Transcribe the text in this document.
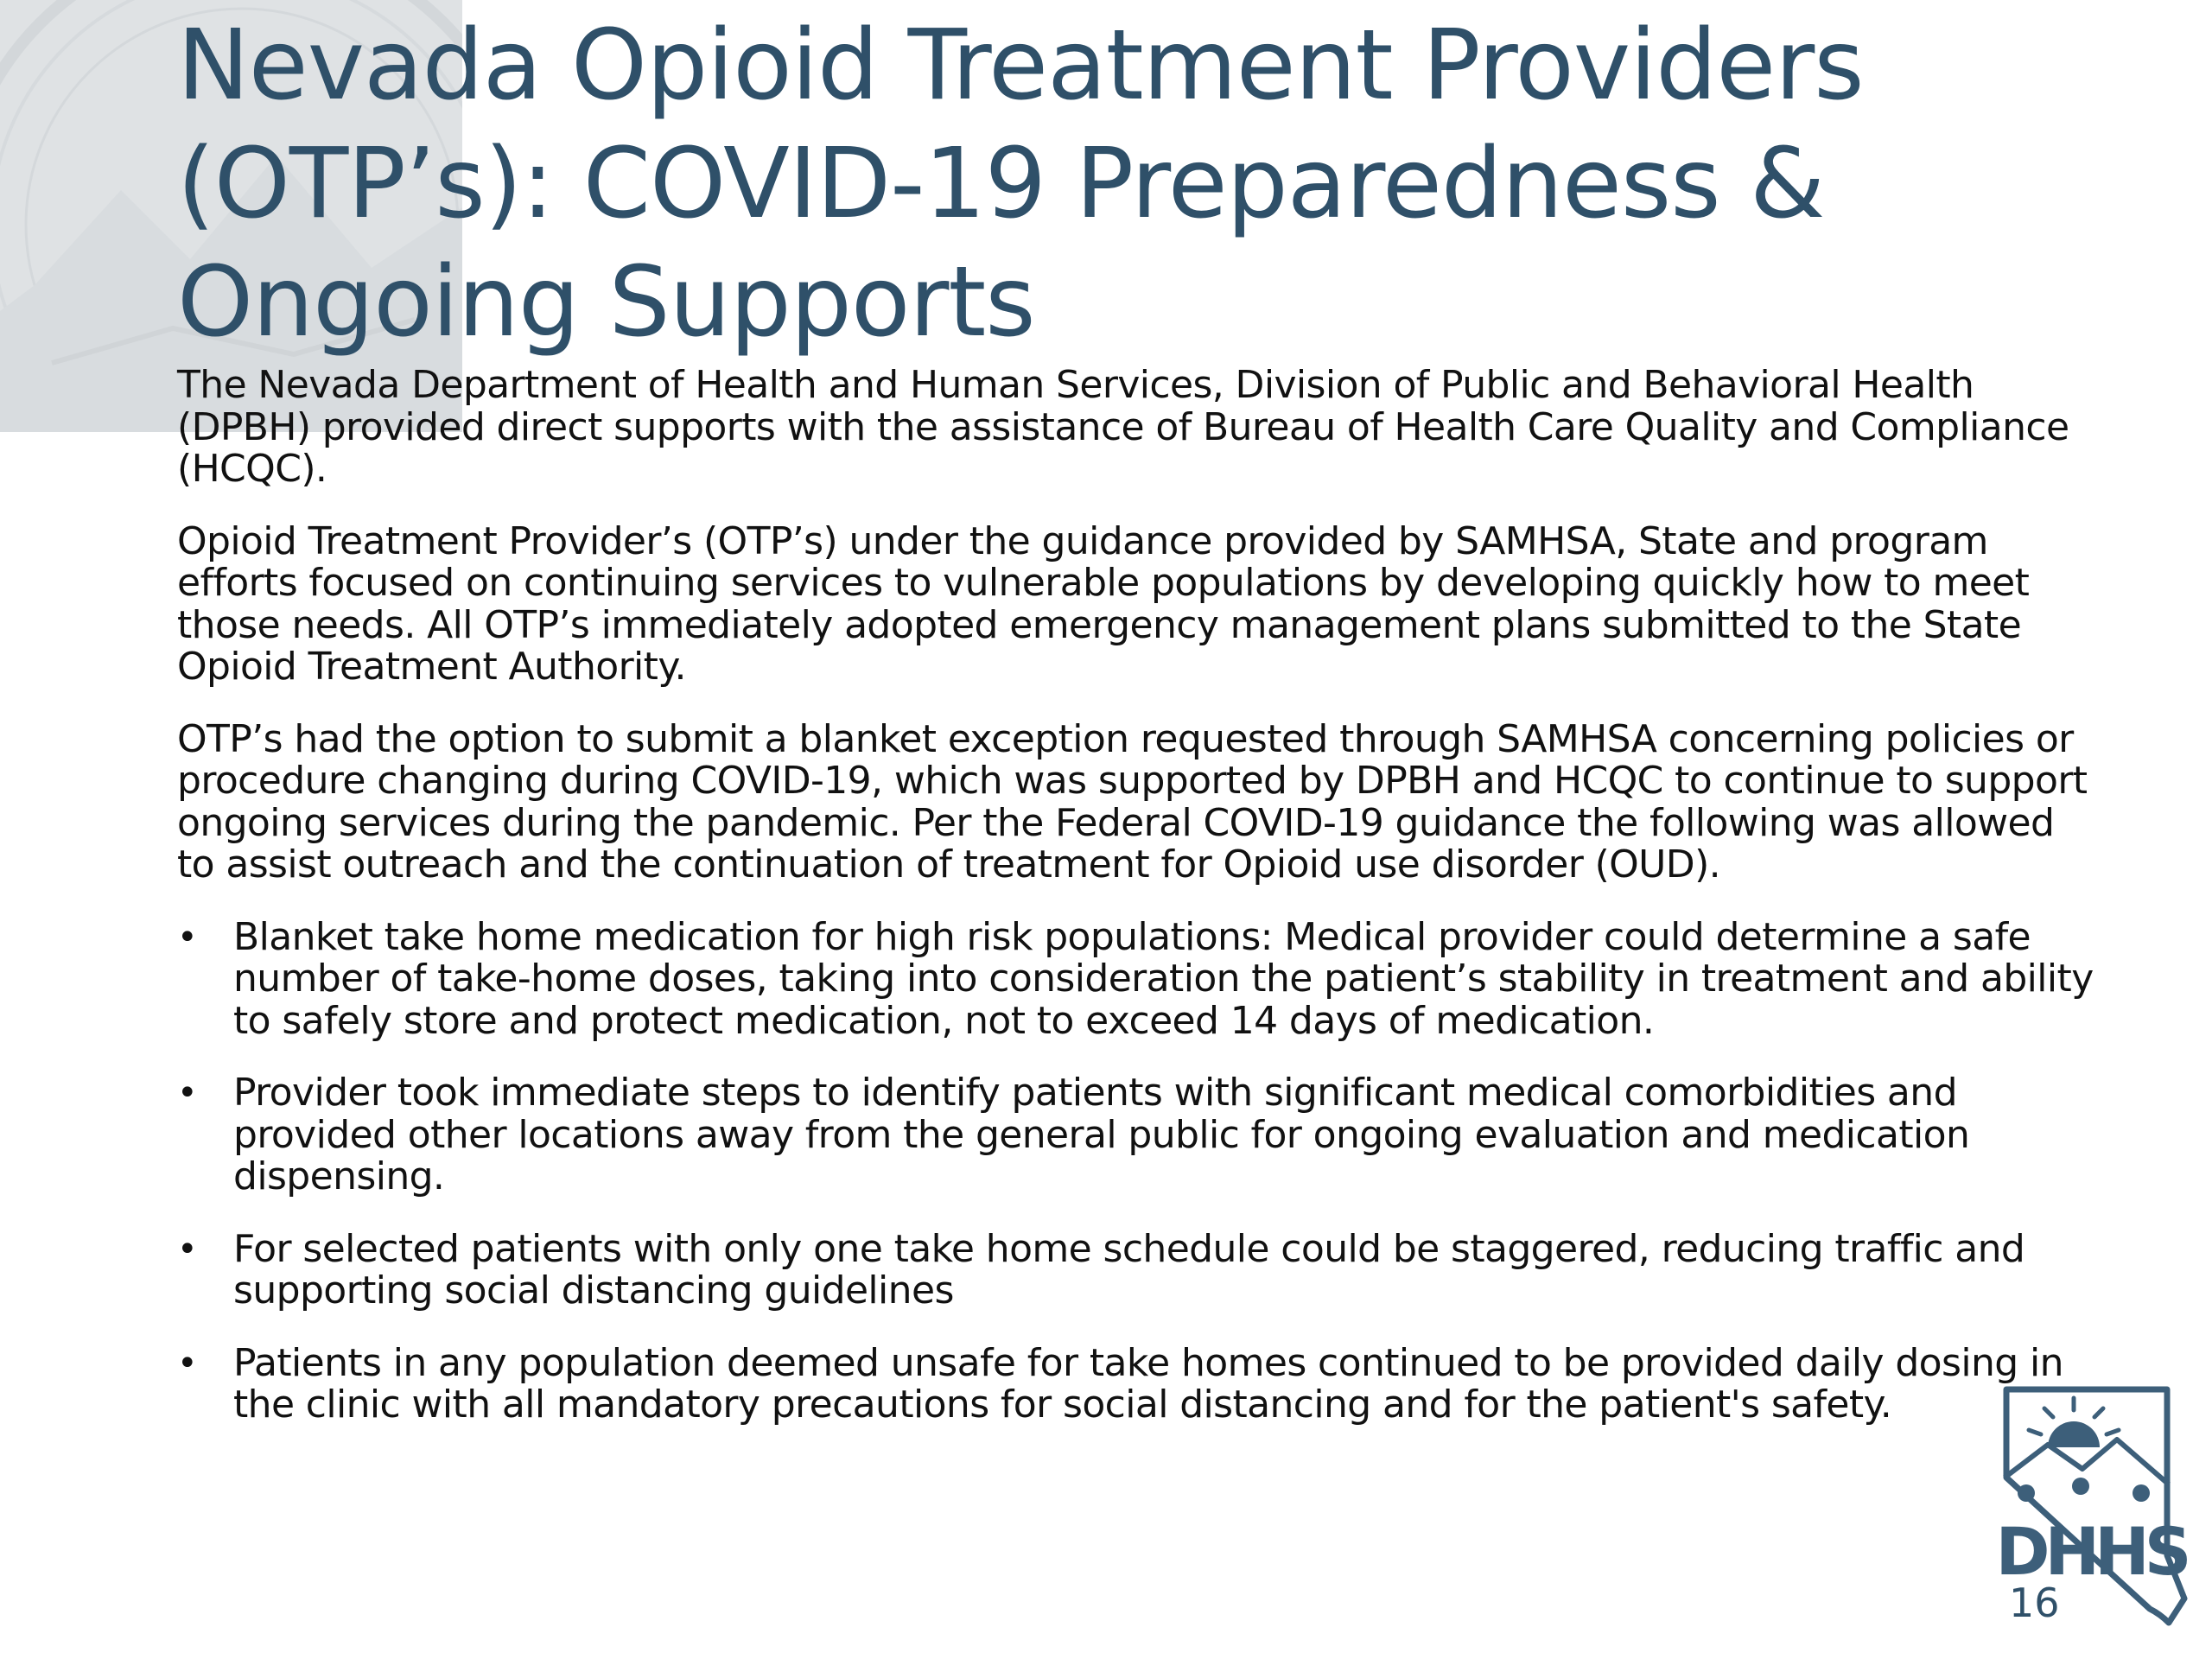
Nevada Opioid Treatment Providers
(OTP’s): COVID-19 Preparedness &
Ongoing Supports

The Nevada Department of Health and Human Services, Division of Public and Behavioral Health (DPBH) provided direct supports with the assistance of Bureau of Health Care Quality and Compliance (HCQC).

Opioid Treatment Provider’s (OTP’s) under the guidance provided by SAMHSA, State and program efforts focused on continuing services to vulnerable populations by developing quickly how to meet those needs. All OTP’s immediately adopted emergency management plans submitted to the State Opioid Treatment Authority.

OTP’s had the option to submit a blanket exception requested through SAMHSA concerning policies or procedure changing during COVID-19, which was supported by DPBH and HCQC to continue to support ongoing services during the pandemic. Per the Federal COVID-19 guidance the following was allowed to assist outreach and the continuation of treatment for Opioid use disorder (OUD).

• Blanket take home medication for high risk populations: Medical provider could determine a safe number of take-home doses, taking into consideration the patient’s stability in treatment and ability to safely store and protect medication, not to exceed 14 days of medication.
• Provider took immediate steps to identify patients with significant medical comorbidities and provided other locations away from the general public for ongoing evaluation and medication dispensing.
• For selected patients with only one take home schedule could be staggered, reducing traffic and supporting social distancing guidelines
• Patients in any population deemed unsafe for take homes continued to be provided daily dosing in the clinic with all mandatory precautions for social distancing and for the patient's safety.
DHHS
16
